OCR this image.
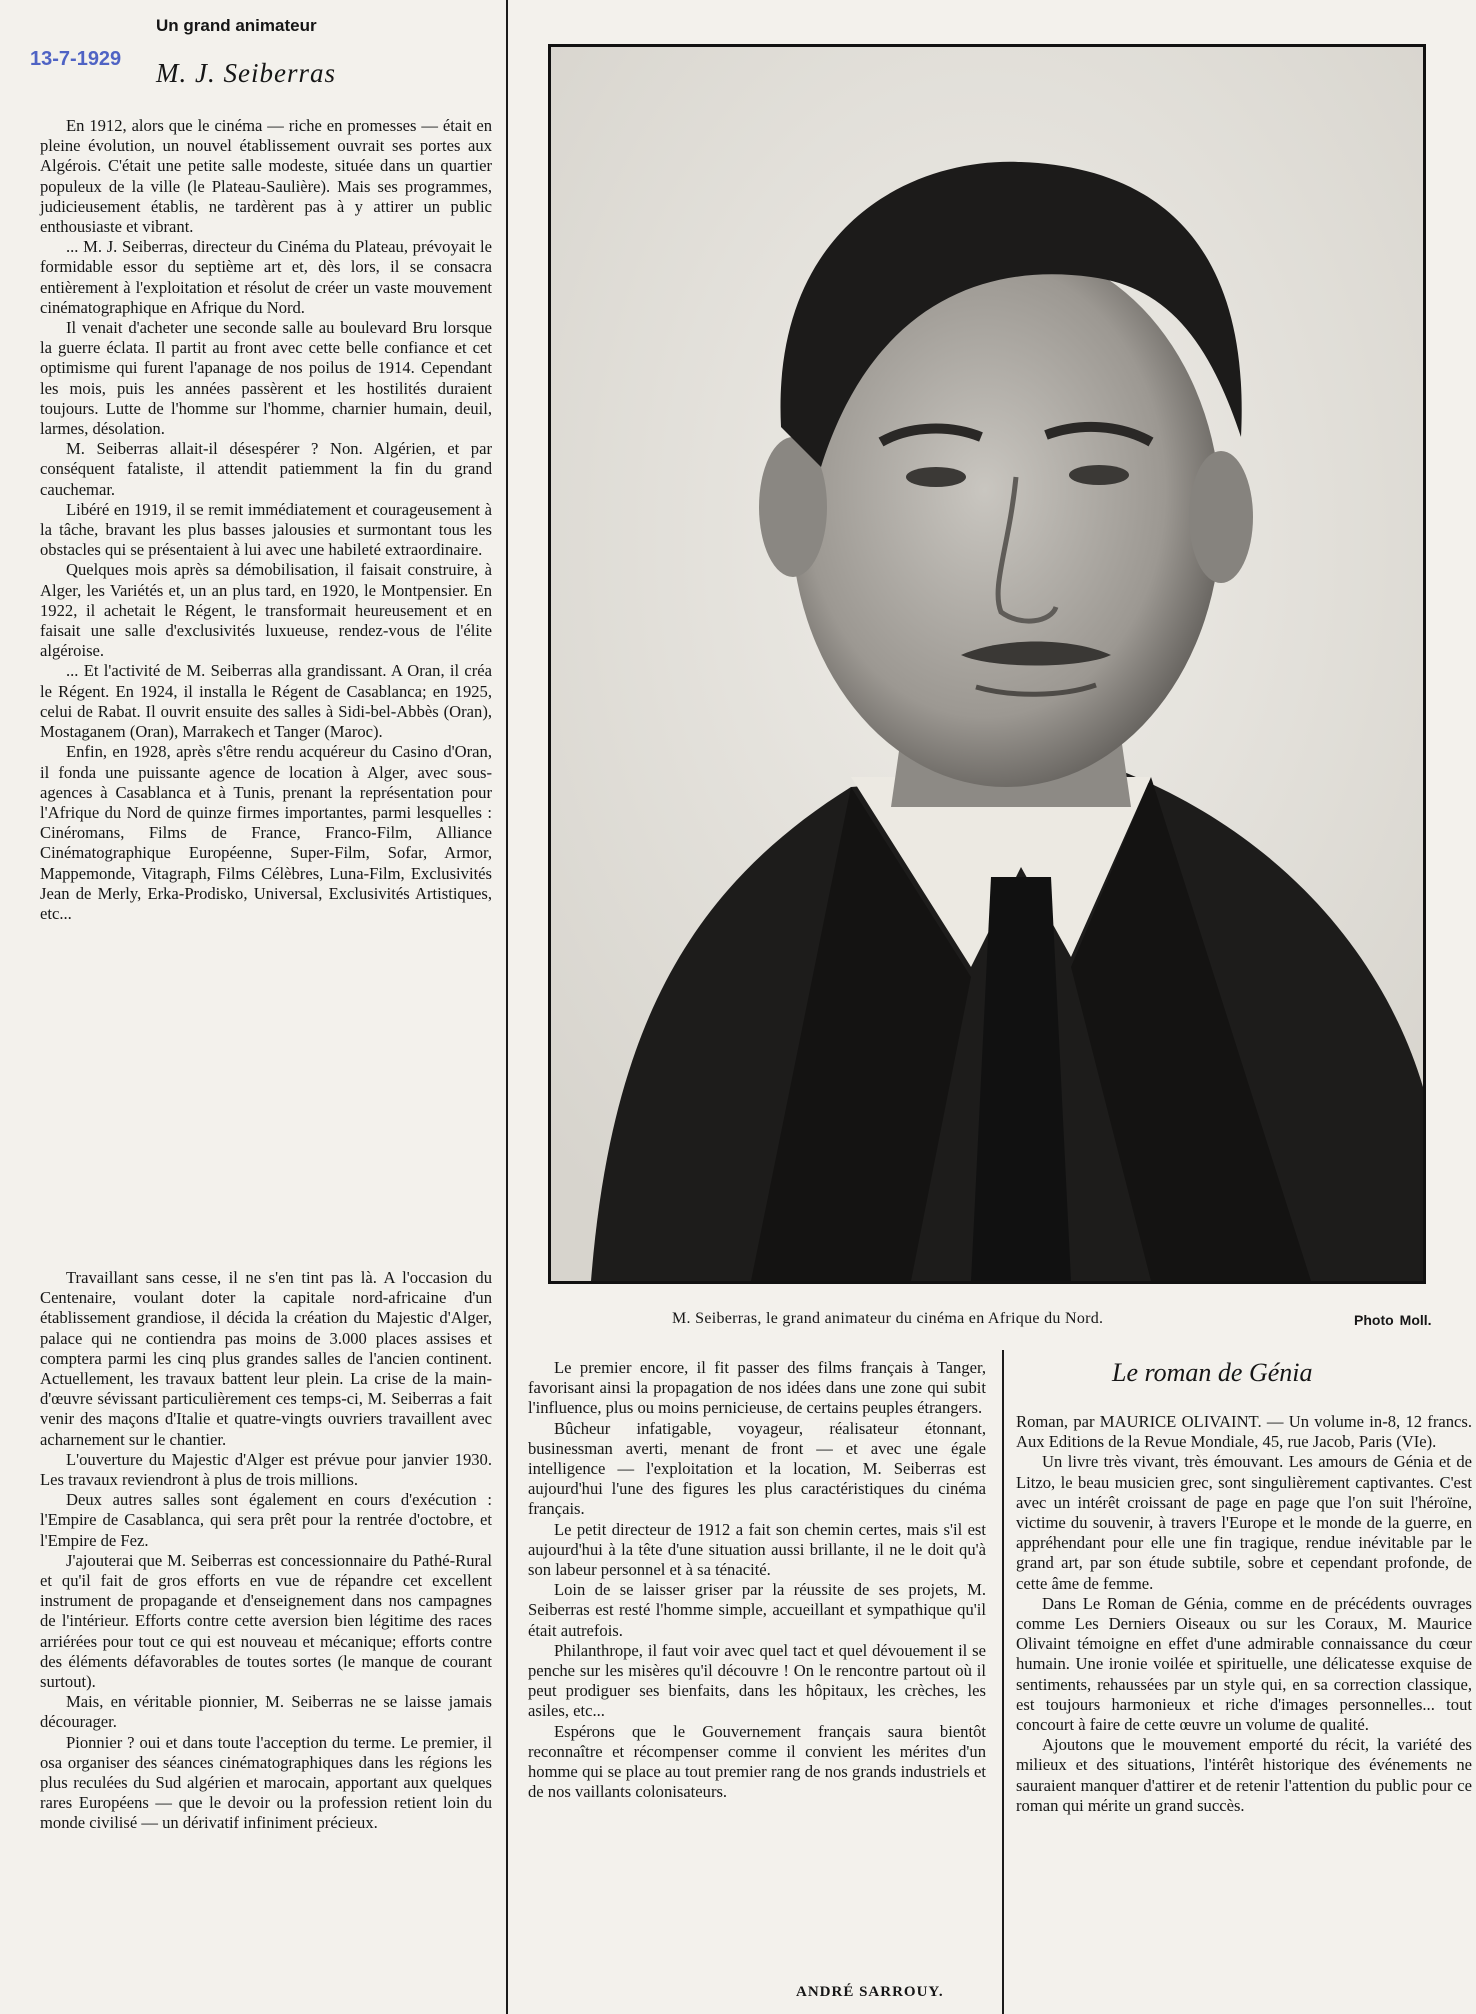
13-7-1929
Un grand animateur
M. J. Seiberras

En 1912, alors que le cinéma — riche en promesses — était en pleine évolution, un nouvel établissement ouvrait ses portes aux Algérois. C'était une petite salle modeste, située dans un quartier populeux de la ville (le Plateau-Saulière). Mais ses programmes, judicieusement établis, ne tardèrent pas à y attirer un public enthousiaste et vibrant.

... M. J. Seiberras, directeur du Cinéma du Plateau, prévoyait le formidable essor du septième art et, dès lors, il se consacra entièrement à l'exploitation et résolut de créer un vaste mouvement cinématographique en Afrique du Nord.

Il venait d'acheter une seconde salle au boulevard Bru lorsque la guerre éclata. Il partit au front avec cette belle confiance et cet optimisme qui furent l'apanage de nos poilus de 1914. Cependant les mois, puis les années passèrent et les hostilités duraient toujours. Lutte de l'homme sur l'homme, charnier humain, deuil, larmes, désolation.

M. Seiberras allait-il désespérer ? Non. Algérien, et par conséquent fataliste, il attendit patiemment la fin du grand cauchemar.

Libéré en 1919, il se remit immédiatement et courageusement à la tâche, bravant les plus basses jalousies et surmontant tous les obstacles qui se présentaient à lui avec une habileté extraordinaire.

Quelques mois après sa démobilisation, il faisait construire, à Alger, les Variétés et, un an plus tard, en 1920, le Montpensier. En 1922, il achetait le Régent, le transformait heureusement et en faisait une salle d'exclusivités luxueuse, rendez-vous de l'élite algéroise.

... Et l'activité de M. Seiberras alla grandissant. A Oran, il créa le Régent. En 1924, il installa le Régent de Casablanca; en 1925, celui de Rabat. Il ouvrit ensuite des salles à Sidi-bel-Abbès (Oran), Mostaganem (Oran), Marrakech et Tanger (Maroc).

Enfin, en 1928, après s'être rendu acquéreur du Casino d'Oran, il fonda une puissante agence de location à Alger, avec sous-agences à Casablanca et à Tunis, prenant la représentation pour l'Afrique du Nord de quinze firmes importantes, parmi lesquelles : Cinéromans, Films de France, Franco-Film, Alliance Cinématographique Européenne, Super-Film, Sofar, Armor, Mappemonde, Vitagraph, Films Célèbres, Luna-Film, Exclusivités Jean de Merly, Erka-Prodisko, Universal, Exclusivités Artistiques, etc...

Travaillant sans cesse, il ne s'en tint pas là. A l'occasion du Centenaire, voulant doter la capitale nord-africaine d'un établissement grandiose, il décida la création du Majestic d'Alger, palace qui ne contiendra pas moins de 3.000 places assises et comptera parmi les cinq plus grandes salles de l'ancien continent. Actuellement, les travaux battent leur plein. La crise de la main-d'œuvre sévissant particulièrement ces temps-ci, M. Seiberras a fait venir des maçons d'Italie et quatre-vingts ouvriers travaillent avec acharnement sur le chantier.

L'ouverture du Majestic d'Alger est prévue pour janvier 1930. Les travaux reviendront à plus de trois millions.

Deux autres salles sont également en cours d'exécution : l'Empire de Casablanca, qui sera prêt pour la rentrée d'octobre, et l'Empire de Fez.

J'ajouterai que M. Seiberras est concessionnaire du Pathé-Rural et qu'il fait de gros efforts en vue de répandre cet excellent instrument de propagande et d'enseignement dans nos campagnes de l'intérieur. Efforts contre cette aversion bien légitime des races arriérées pour tout ce qui est nouveau et mécanique; efforts contre des éléments défavorables de toutes sortes (le manque de courant surtout).

Mais, en véritable pionnier, M. Seiberras ne se laisse jamais décourager.

Pionnier ? oui et dans toute l'acception du terme. Le premier, il osa organiser des séances cinématographiques dans les régions les plus reculées du Sud algérien et marocain, apportant aux quelques rares Européens — que le devoir ou la profession retient loin du monde civilisé — un dérivatif infiniment précieux.

M. Seiberras, le grand animateur du cinéma en Afrique du Nord.	Photo Moll.

Le premier encore, il fit passer des films français à Tanger, favorisant ainsi la propagation de nos idées dans une zone qui subit l'influence, plus ou moins pernicieuse, de certains peuples étrangers.

Bûcheur infatigable, voyageur, réalisateur étonnant, businessman averti, menant de front — et avec une égale intelligence — l'exploitation et la location, M. Seiberras est aujourd'hui l'une des figures les plus caractéristiques du cinéma français.

Le petit directeur de 1912 a fait son chemin certes, mais s'il est aujourd'hui à la tête d'une situation aussi brillante, il ne le doit qu'à son labeur personnel et à sa ténacité.

Loin de se laisser griser par la réussite de ses projets, M. Seiberras est resté l'homme simple, accueillant et sympathique qu'il était autrefois.

Philanthrope, il faut voir avec quel tact et quel dévouement il se penche sur les misères qu'il découvre ! On le rencontre partout où il peut prodiguer ses bienfaits, dans les hôpitaux, les crèches, les asiles, etc...

Espérons que le Gouvernement français saura bientôt reconnaître et récompenser comme il convient les mérites d'un homme qui se place au tout premier rang de nos grands industriels et de nos vaillants colonisateurs.

ANDRÉ SARROUY.
Le roman de Génia

Roman, par MAURICE OLIVAINT. — Un volume in-8, 12 francs. Aux Editions de la Revue Mondiale, 45, rue Jacob, Paris (VIe).

Un livre très vivant, très émouvant. Les amours de Génia et de Litzo, le beau musicien grec, sont singulièrement captivantes. C'est avec un intérêt croissant de page en page que l'on suit l'héroïne, victime du souvenir, à travers l'Europe et le monde de la guerre, en appréhendant pour elle une fin tragique, rendue inévitable par le grand art, par son étude subtile, sobre et cependant profonde, de cette âme de femme.

Dans Le Roman de Génia, comme en de précédents ouvrages comme Les Derniers Oiseaux ou sur les Coraux, M. Maurice Olivaint témoigne en effet d'une admirable connaissance du cœur humain. Une ironie voilée et spirituelle, une délicatesse exquise de sentiments, rehaussées par un style qui, en sa correction classique, est toujours harmonieux et riche d'images personnelles... tout concourt à faire de cette œuvre un volume de qualité.

Ajoutons que le mouvement emporté du récit, la variété des milieux et des situations, l'intérêt historique des événements ne sauraient manquer d'attirer et de retenir l'attention du public pour ce roman qui mérite un grand succès.
